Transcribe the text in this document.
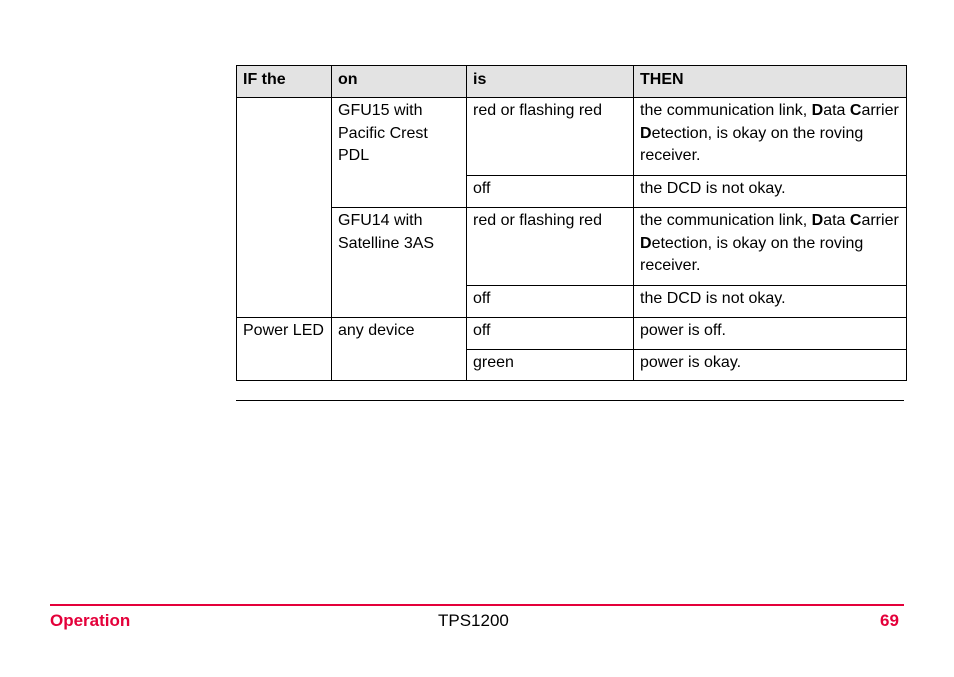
IF the	on	is	THEN
	GFU15 with Pacific Crest PDL	red or flashing red	the communication link, Data Carrier Detection, is okay on the roving receiver.
		off	the DCD is not okay.
	GFU14 with Satelline 3AS	red or flashing red	the communication link, Data Carrier Detection, is okay on the roving receiver.
		off	the DCD is not okay.
Power LED	any device	off	power is off.
		green	power is okay.
Operation	TPS1200	69
